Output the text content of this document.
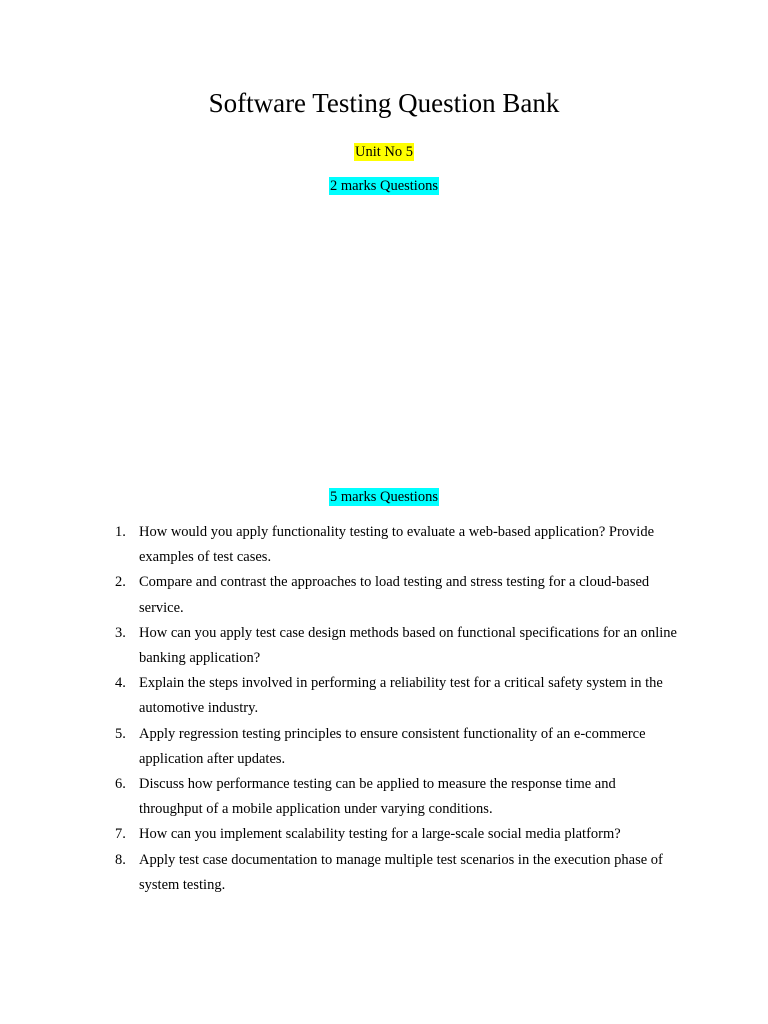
Software Testing Question Bank
Unit No 5
2 marks Questions
5 marks Questions
1. How would you apply functionality testing to evaluate a web-based application? Provide examples of test cases.
2. Compare and contrast the approaches to load testing and stress testing for a cloud-based service.
3. How can you apply test case design methods based on functional specifications for an online banking application?
4. Explain the steps involved in performing a reliability test for a critical safety system in the automotive industry.
5. Apply regression testing principles to ensure consistent functionality of an e-commerce application after updates.
6. Discuss how performance testing can be applied to measure the response time and throughput of a mobile application under varying conditions.
7. How can you implement scalability testing for a large-scale social media platform?
8. Apply test case documentation to manage multiple test scenarios in the execution phase of system testing.
